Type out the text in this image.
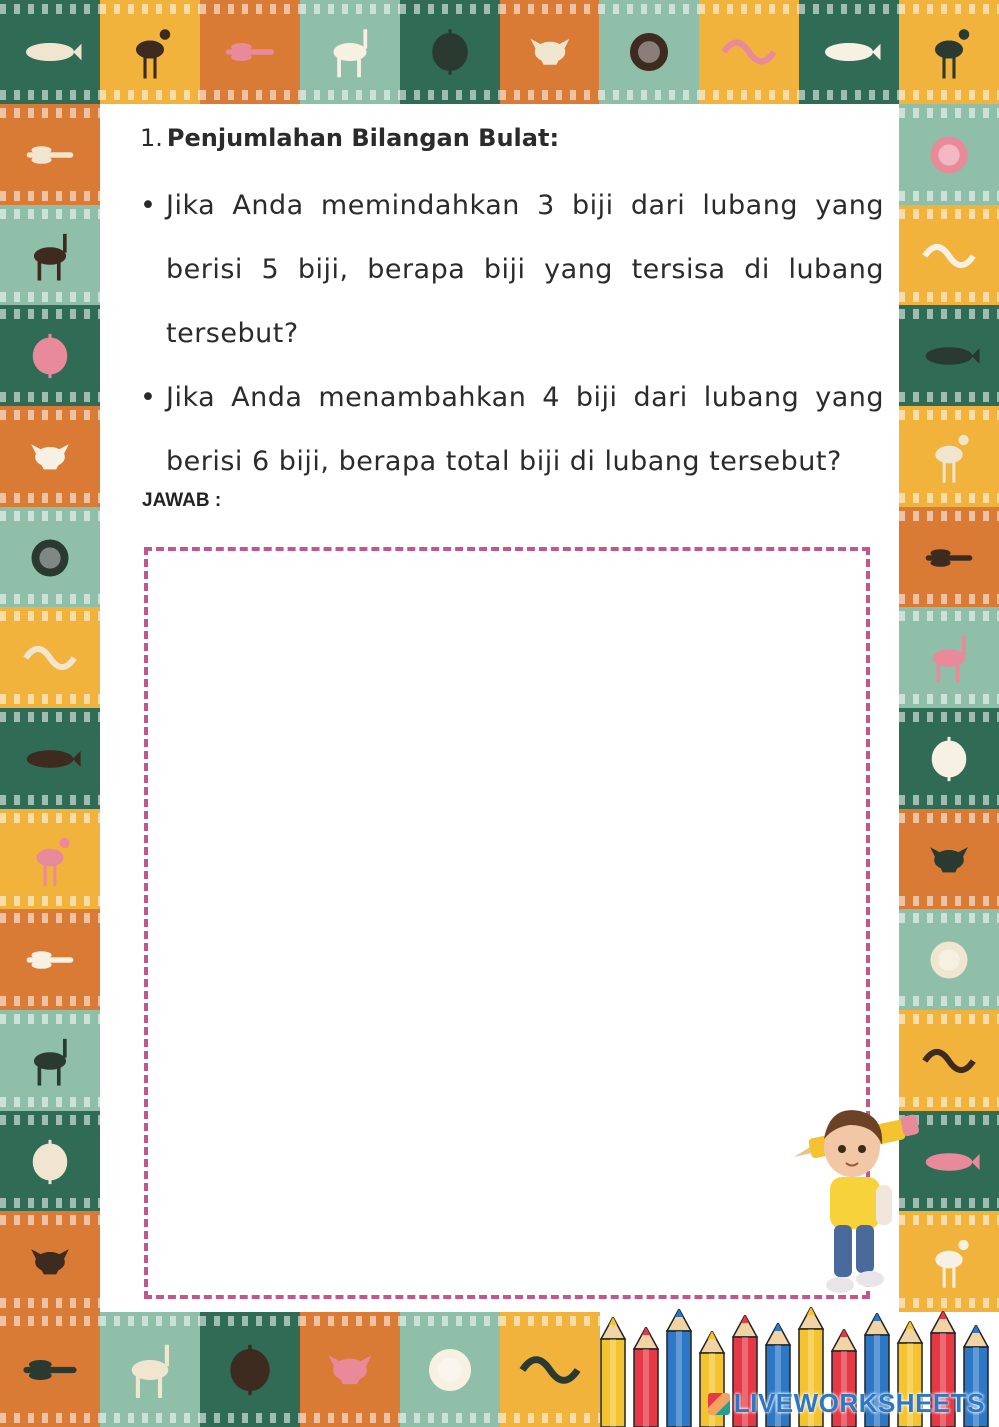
1. Penjumlahan Bilangan Bulat:
• Jika Anda memindahkan 3 biji dari lubang yang berisi 5 biji, berapa biji yang tersisa di lubang tersebut?
• Jika Anda menambahkan 4 biji dari lubang yang berisi 6 biji, berapa total biji di lubang tersebut?
JAWAB :
LIVEWORKSHEETS
